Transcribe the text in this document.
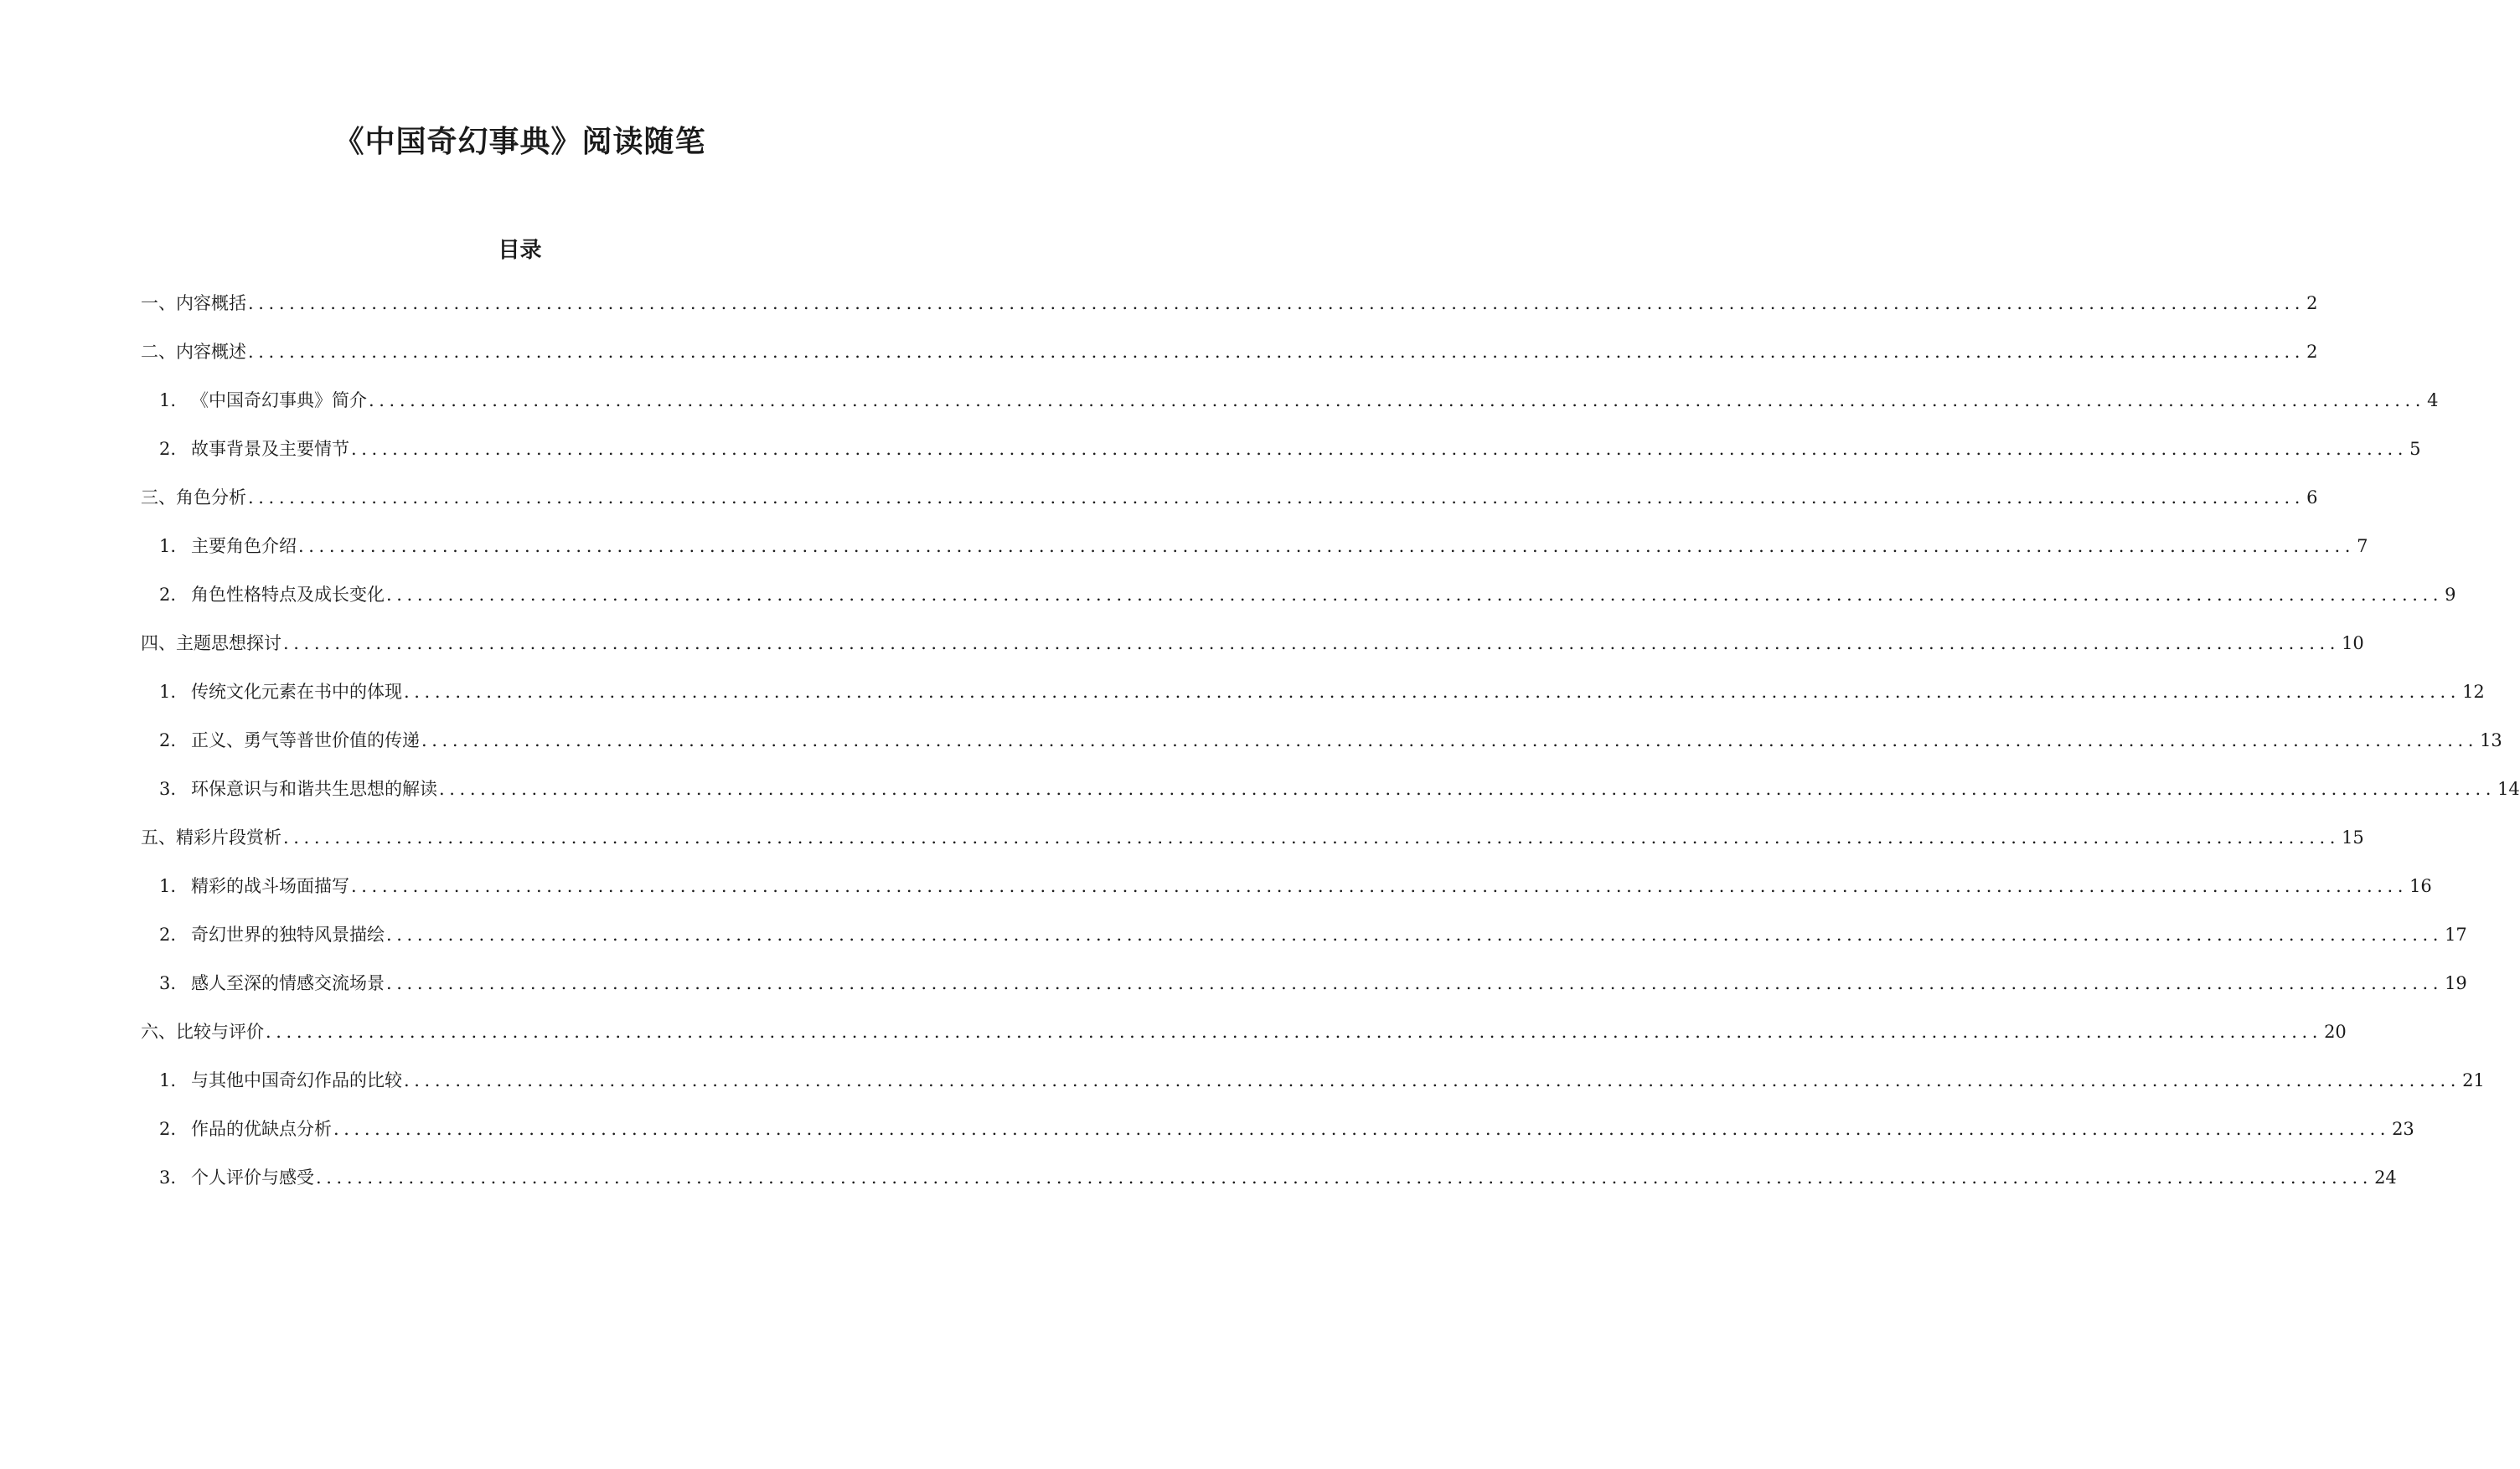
《中国奇幻事典》阅读随笔
目录
一、内容概括 ........................................................................................................................................................................................................ 2
二、内容概述 ........................................................................................................................................................................................................ 2
1. 《中国奇幻事典》简介 ........................................................................................................................................................................................................ 4
2. 故事背景及主要情节 ........................................................................................................................................................................................................ 5
三、角色分析 ........................................................................................................................................................................................................ 6
1. 主要角色介绍 ........................................................................................................................................................................................................ 7
2. 角色性格特点及成长变化 ........................................................................................................................................................................................................ 9
四、主题思想探讨 ........................................................................................................................................................................................................ 10
1. 传统文化元素在书中的体现 ........................................................................................................................................................................................................ 12
2. 正义、勇气等普世价值的传递 ........................................................................................................................................................................................................ 13
3. 环保意识与和谐共生思想的解读 ........................................................................................................................................................................................................ 14
五、精彩片段赏析 ........................................................................................................................................................................................................ 15
1. 精彩的战斗场面描写 ........................................................................................................................................................................................................ 16
2. 奇幻世界的独特风景描绘 ........................................................................................................................................................................................................ 17
3. 感人至深的情感交流场景 ........................................................................................................................................................................................................ 19
六、比较与评价 ........................................................................................................................................................................................................ 20
1. 与其他中国奇幻作品的比较 ........................................................................................................................................................................................................ 21
2. 作品的优缺点分析 ........................................................................................................................................................................................................ 23
3. 个人评价与感受 ........................................................................................................................................................................................................ 24
